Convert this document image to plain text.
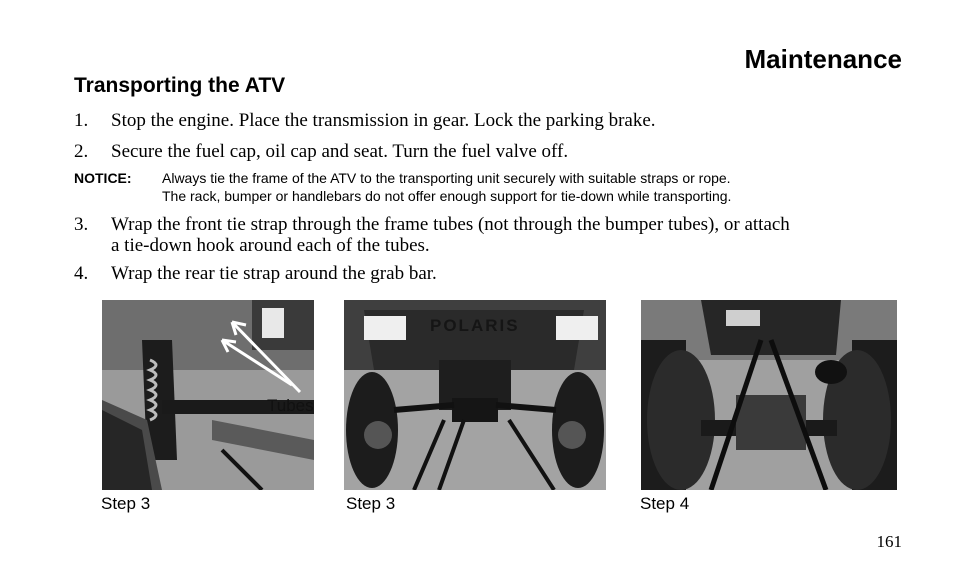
Maintenance
Transporting the ATV
1. Stop the engine. Place the transmission in gear. Lock the parking brake.
2. Secure the fuel cap, oil cap and seat. Turn the fuel valve off.
NOTICE: Always tie the frame of the ATV to the transporting unit securely with suitable straps or rope.
The rack, bumper or handlebars do not offer enough support for tie-down while transporting.
3. Wrap the front tie strap through the frame tubes (not through the bumper tubes), or attach
a tie-down hook around each of the tubes.
4. Wrap the rear tie strap around the grab bar.
Tubes
POLARIS
Step 3	Step 3	Step 4
161
